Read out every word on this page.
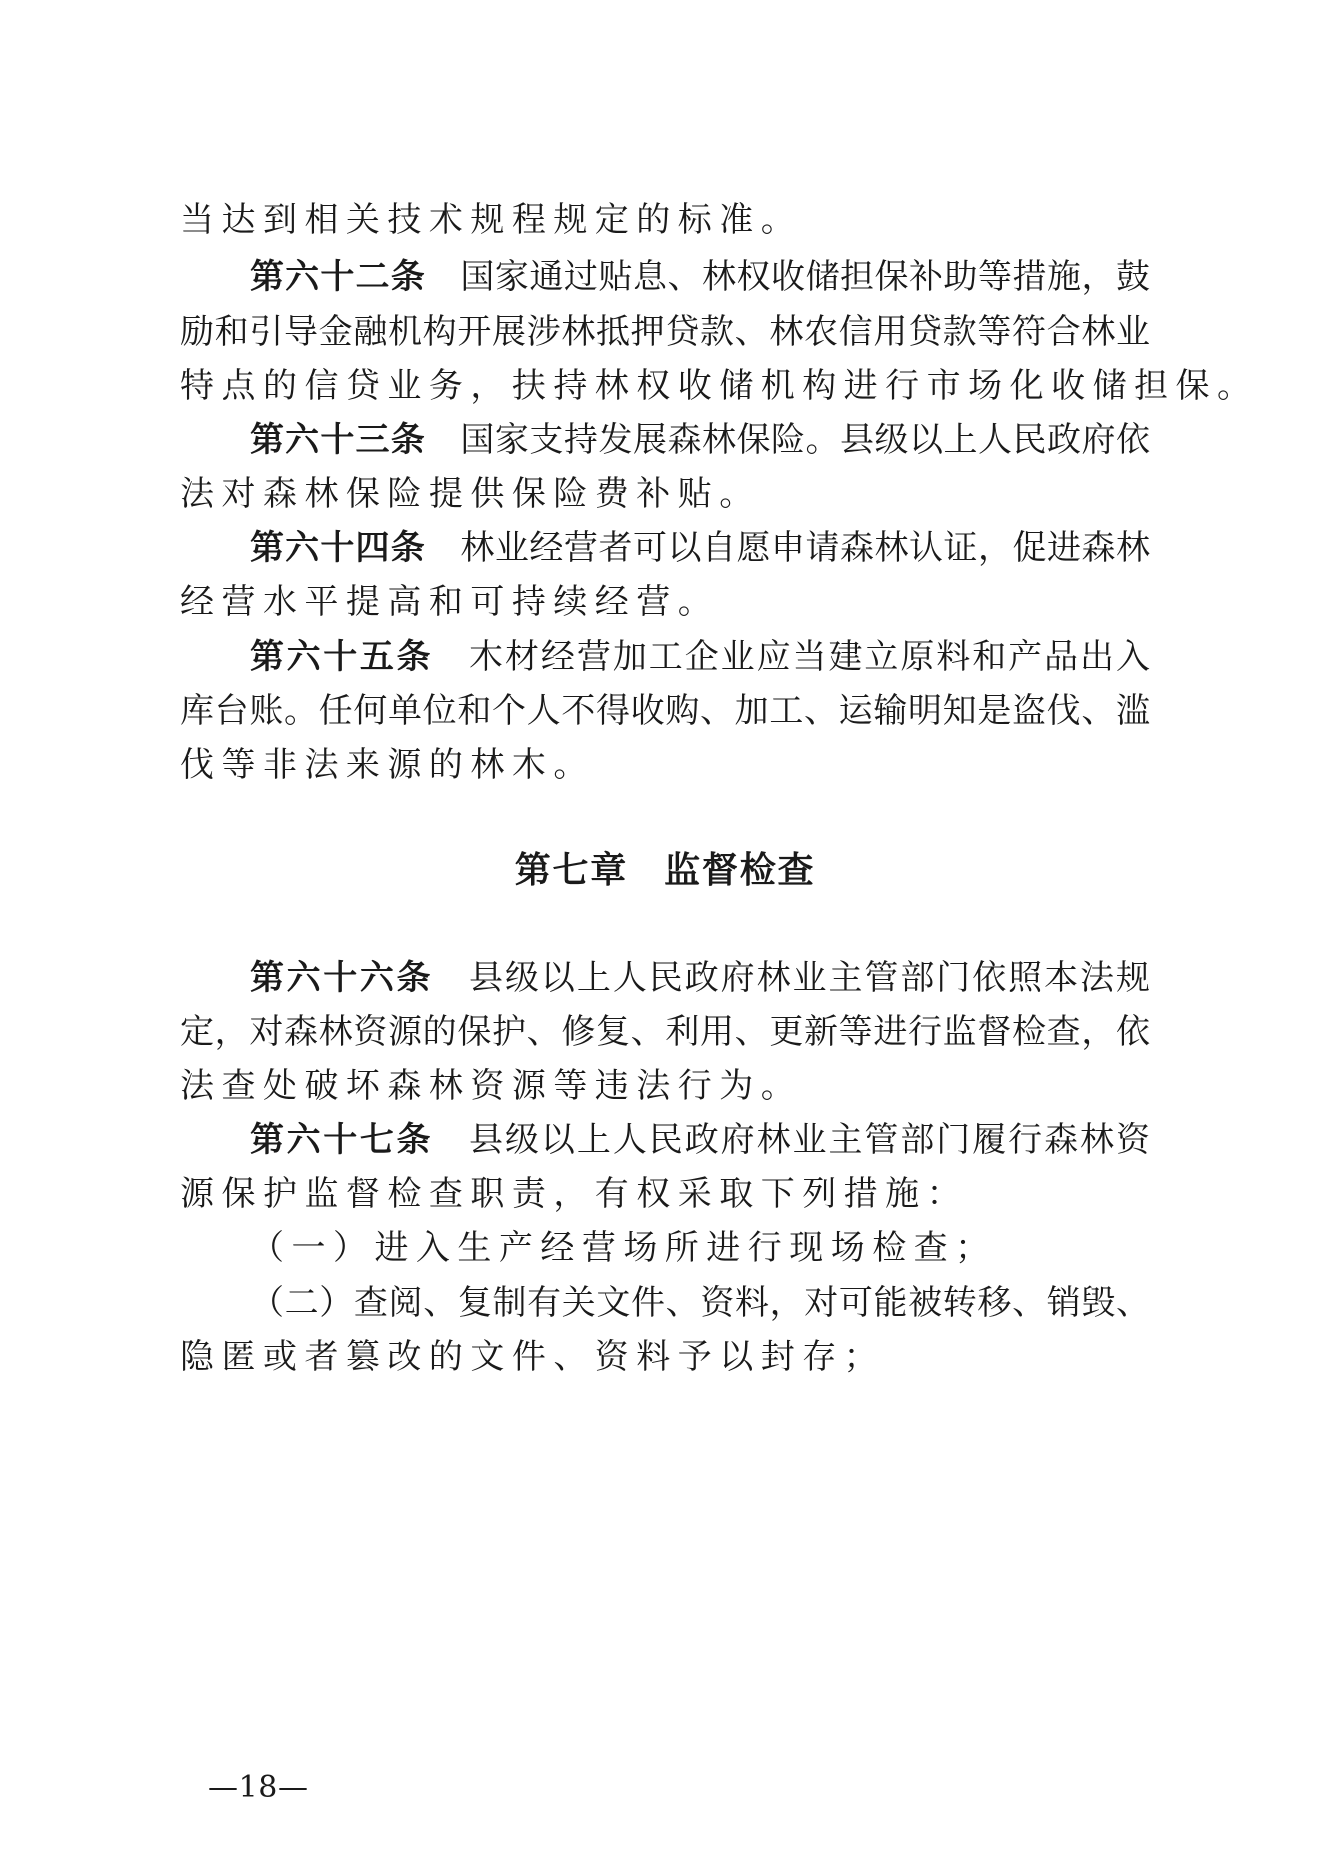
当达到相关技术规程规定的标准。
第六十二条 国家通过贴息、林权收储担保补助等措施，鼓
励和引导金融机构开展涉林抵押贷款、林农信用贷款等符合林业
特点的信贷业务，扶持林权收储机构进行市场化收储担保。
第六十三条 国家支持发展森林保险。县级以上人民政府依
法对森林保险提供保险费补贴。
第六十四条 林业经营者可以自愿申请森林认证，促进森林
经营水平提高和可持续经营。
第六十五条 木材经营加工企业应当建立原料和产品出入
库台账。任何单位和个人不得收购、加工、运输明知是盗伐、滥
伐等非法来源的林木。
第七章 监督检查
第六十六条 县级以上人民政府林业主管部门依照本法规
定，对森林资源的保护、修复、利用、更新等进行监督检查，依
法查处破坏森林资源等违法行为。
第六十七条 县级以上人民政府林业主管部门履行森林资
源保护监督检查职责，有权采取下列措施：
（一）进入生产经营场所进行现场检查；
（二）查阅、复制有关文件、资料，对可能被转移、销毁、
隐匿或者篡改的文件、资料予以封存；
—18—
